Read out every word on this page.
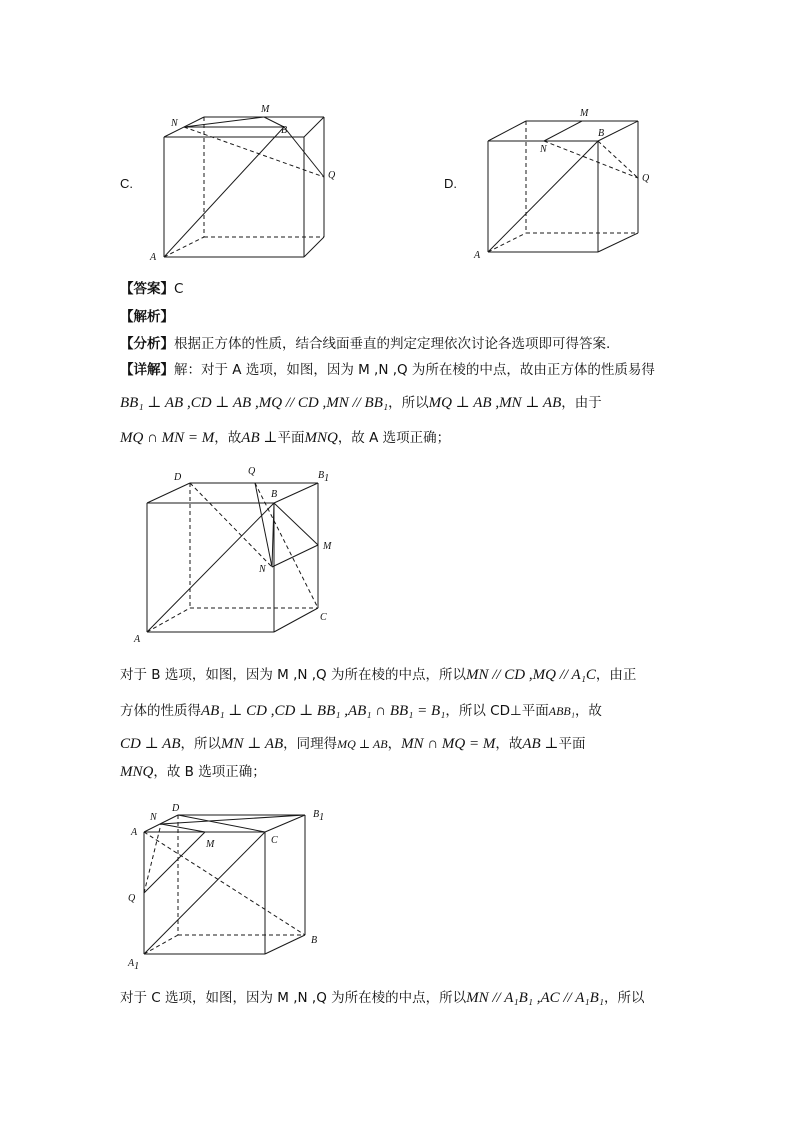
C.
N
M
B
Q
A
D.
M
B
N
Q
A
【答案】C
【解析】
【分析】根据正方体的性质，结合线面垂直的判定定理依次讨论各选项即可得答案.
【详解】解：对于 A 选项，如图，因为 M ,N ,Q 为所在棱的中点，故由正方体的性质易得
BB₁ ⊥ AB ,CD ⊥ AB ,MQ // CD ,MN // BB₁，所以MQ ⊥ AB ,MN ⊥ AB，由于
MQ ∩ MN = M，故AB ⊥平面MNQ，故 A 选项正确；
D
Q	B1
B
M
N
C
A
对于 B 选项，如图，因为 M ,N ,Q 为所在棱的中点，所以MN // CD ,MQ // A₁C，由正
方体的性质得AB₁ ⊥ CD ,CD ⊥ BB₁ ,AB₁ ∩ BB₁ = B₁，所以 CD⊥平面ABB₁，故
CD ⊥ AB，所以MN ⊥ AB，同理得MQ ⊥ AB，MN ∩ MQ = M，故AB ⊥平面
MNQ，故 B 选项正确；
N
D
B1
A
M	C
Q
B
A1
对于 C 选项，如图，因为 M ,N ,Q 为所在棱的中点，所以MN // A₁B₁ ,AC // A₁B₁，所以
